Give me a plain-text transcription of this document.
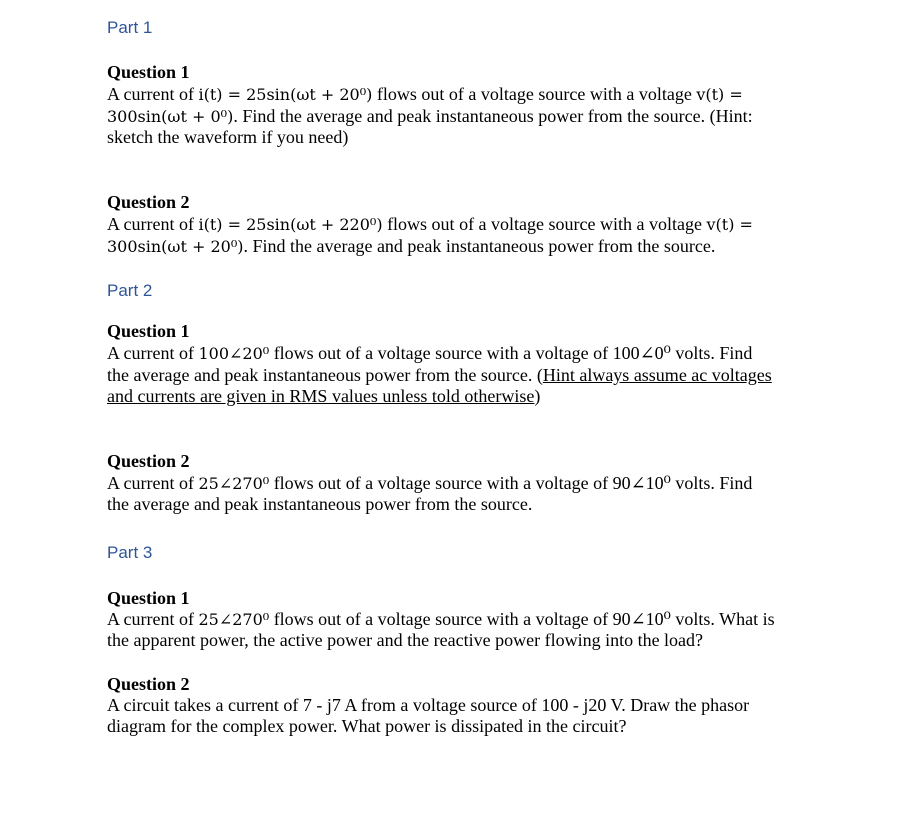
Part 1
Question 1
A current of i(t) = 25sin(ωt + 20⁰) flows out of a voltage source with a voltage v(t) =
300sin(ωt + 0⁰). Find the average and peak instantaneous power from the source. (Hint:
sketch the waveform if you need)
Question 2
A current of i(t) = 25sin(ωt + 220⁰) flows out of a voltage source with a voltage v(t) =
300sin(ωt + 20⁰). Find the average and peak instantaneous power from the source.
Part 2
Question 1
A current of 100∠20⁰ flows out of a voltage source with a voltage of 100∠0⁰ volts. Find
the average and peak instantaneous power from the source. (Hint always assume ac voltages
and currents are given in RMS values unless told otherwise)
Question 2
A current of 25∠270⁰ flows out of a voltage source with a voltage of 90∠10⁰ volts. Find
the average and peak instantaneous power from the source.
Part 3
Question 1
A current of 25∠270⁰ flows out of a voltage source with a voltage of 90∠10⁰ volts. What is
the apparent power, the active power and the reactive power flowing into the load?
Question 2
A circuit takes a current of 7 - j7 A from a voltage source of 100 - j20 V. Draw the phasor
diagram for the complex power. What power is dissipated in the circuit?
